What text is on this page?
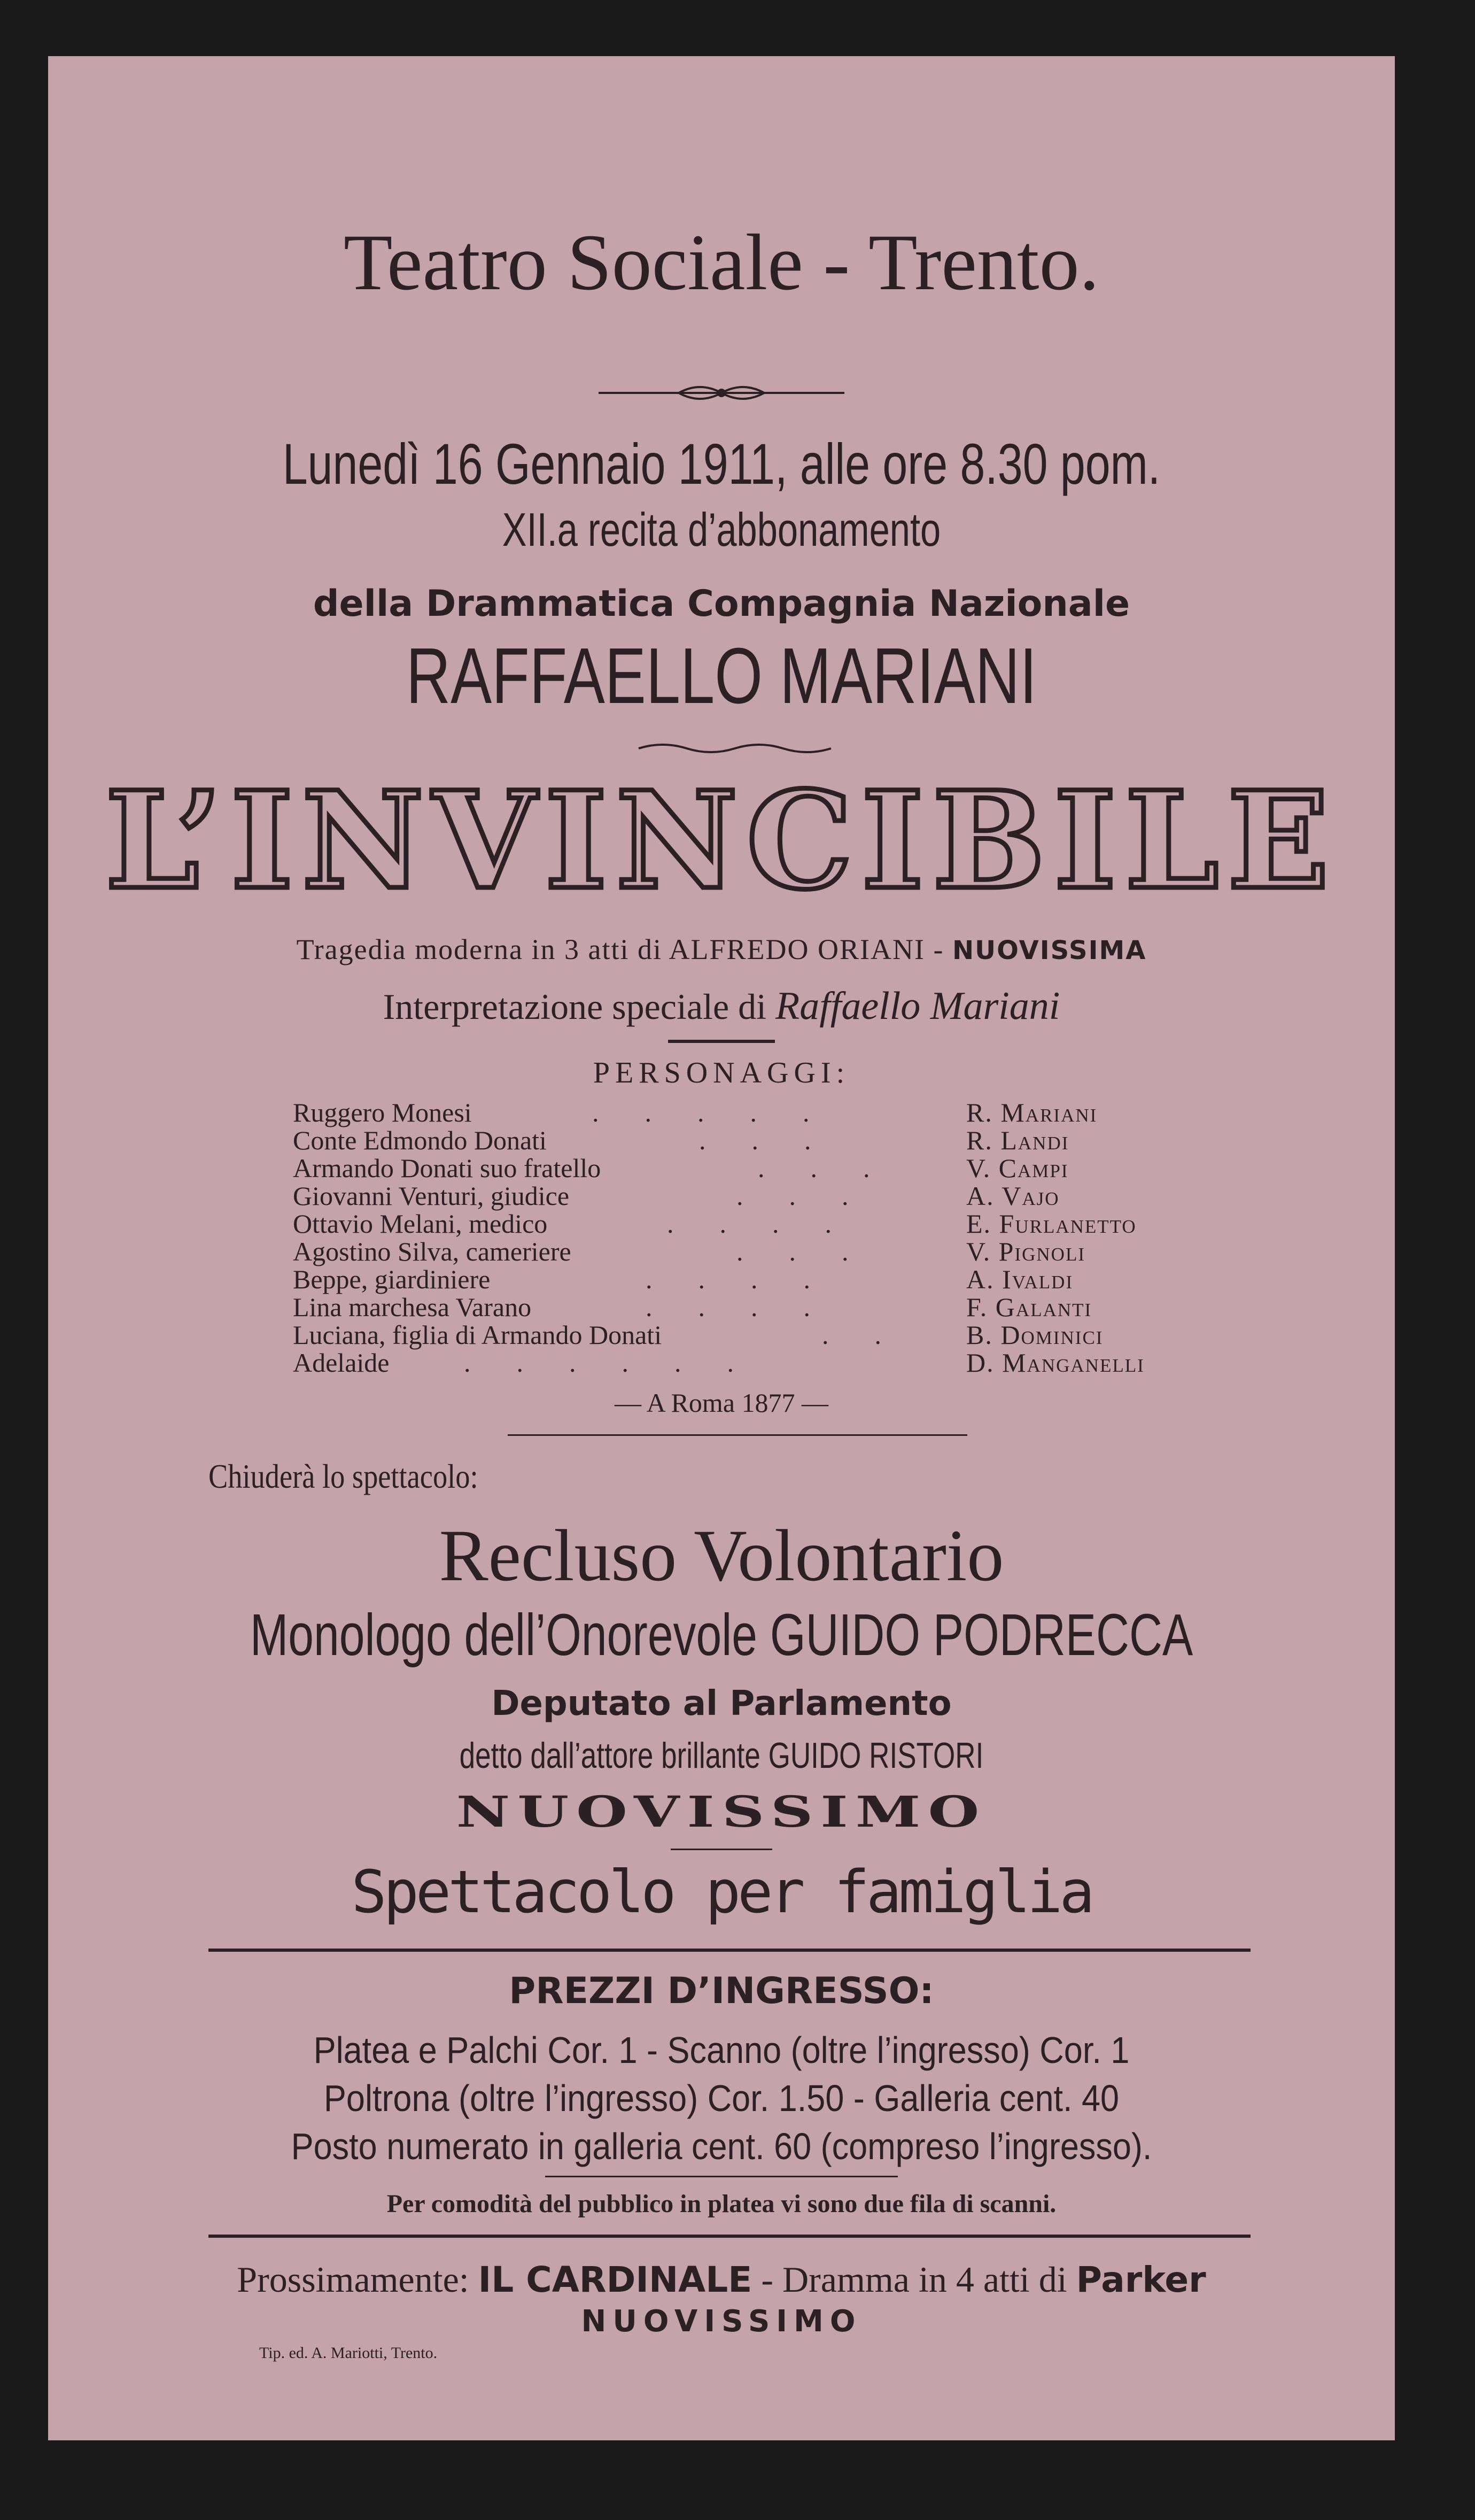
Teatro Sociale - Trento.
Lunedì 16 Gennaio 1911, alle ore 8.30 pom.
XII.a recita d’abbonamento
della Drammatica Compagnia Nazionale
RAFFAELLO MARIANI
L’INVINCIBILE
Tragedia moderna in 3 atti di ALFREDO ORIANI - NUOVISSIMA
Interpretazione speciale di Raffaello Mariani
PERSONAGGI:
Ruggero Monesi	.....	R. Mariani
Conte Edmondo Donati	...	R. Landi
Armando Donati suo fratello	... V. Campi
Giovanni Venturi, giudice	...	A. Vajo
Ottavio Melani, medico	....	E. Furlanetto
Agostino Silva, cameriere	...	V. Pignoli
Beppe, giardiniere	....	A. Ivaldi
Lina marchesa Varano	....	F. Galanti
Luciana, figlia di Armando Donati	.. B. Dominici
Adelaide	......	D. Manganelli
— A Roma 1877 —
Chiuderà lo spettacolo:
Recluso Volontario
Monologo dell’Onorevole GUIDO PODRECCA
Deputato al Parlamento
detto dall’attore brillante GUIDO RISTORI
NUOVISSIMO
Spettacolo per famiglia
PREZZI D’INGRESSO:
Platea e Palchi Cor. 1 - Scanno (oltre l’ingresso) Cor. 1
Poltrona (oltre l’ingresso) Cor. 1.50 - Galleria cent. 40
Posto numerato in galleria cent. 60 (compreso l’ingresso).
Per comodità del pubblico in platea vi sono due fila di scanni.
Prossimamente: IL CARDINALE - Dramma in 4 atti di Parker
NUOVISSIMO
Tip. ed. A. Mariotti, Trento.
